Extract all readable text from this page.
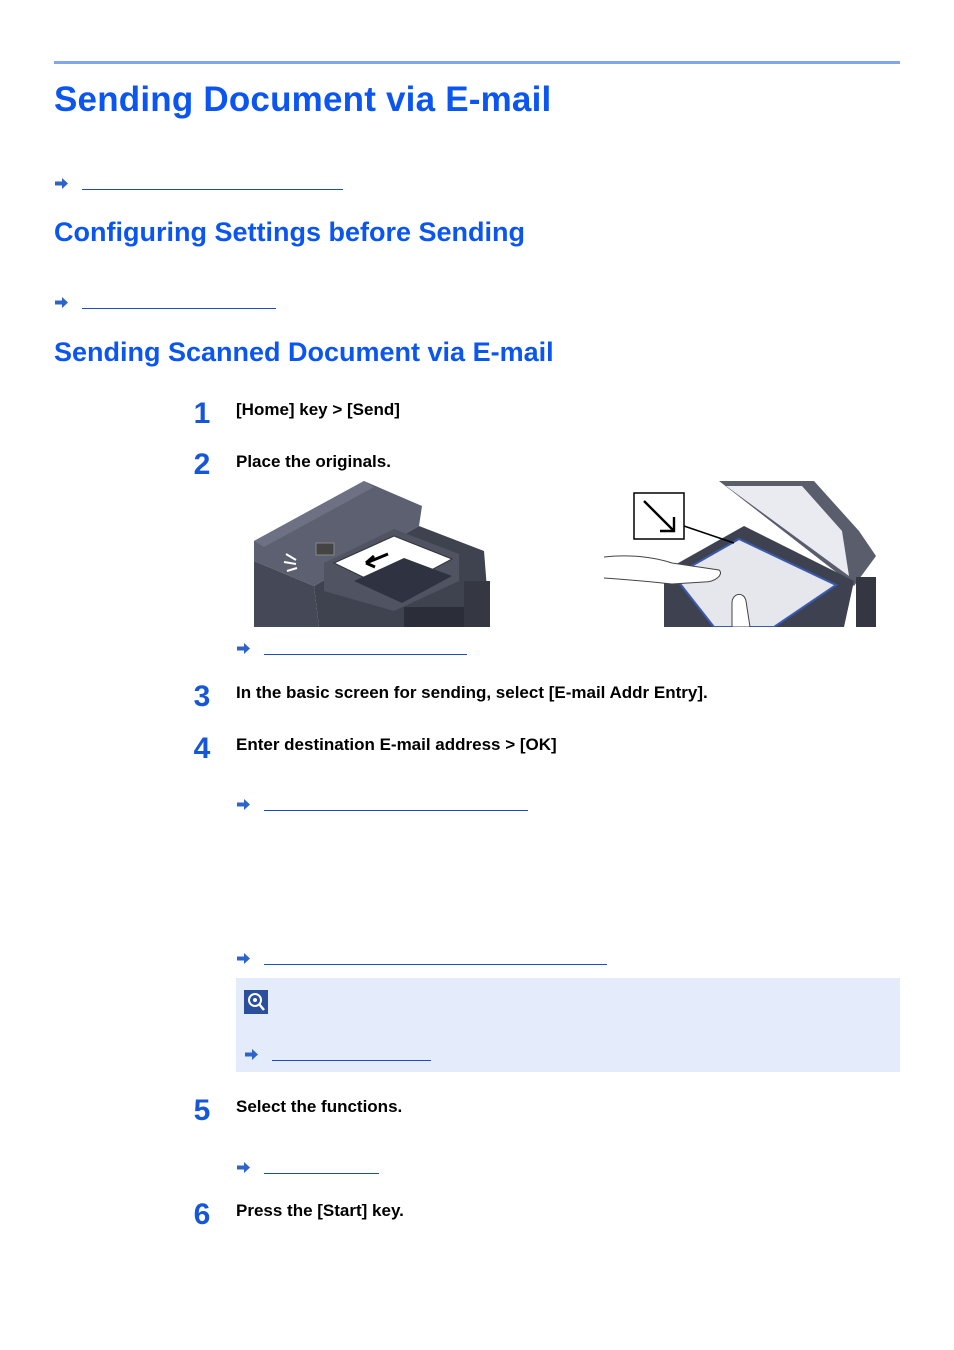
Sending Document via E-mail
Configuring Settings before Sending
Sending Scanned Document via E-mail
1 [Home] key > [Send]
2 Place the originals.
3 In the basic screen for sending, select [E-mail Addr Entry].
4 Enter destination E-mail address > [OK]
5 Select the functions.
6 Press the [Start] key.
